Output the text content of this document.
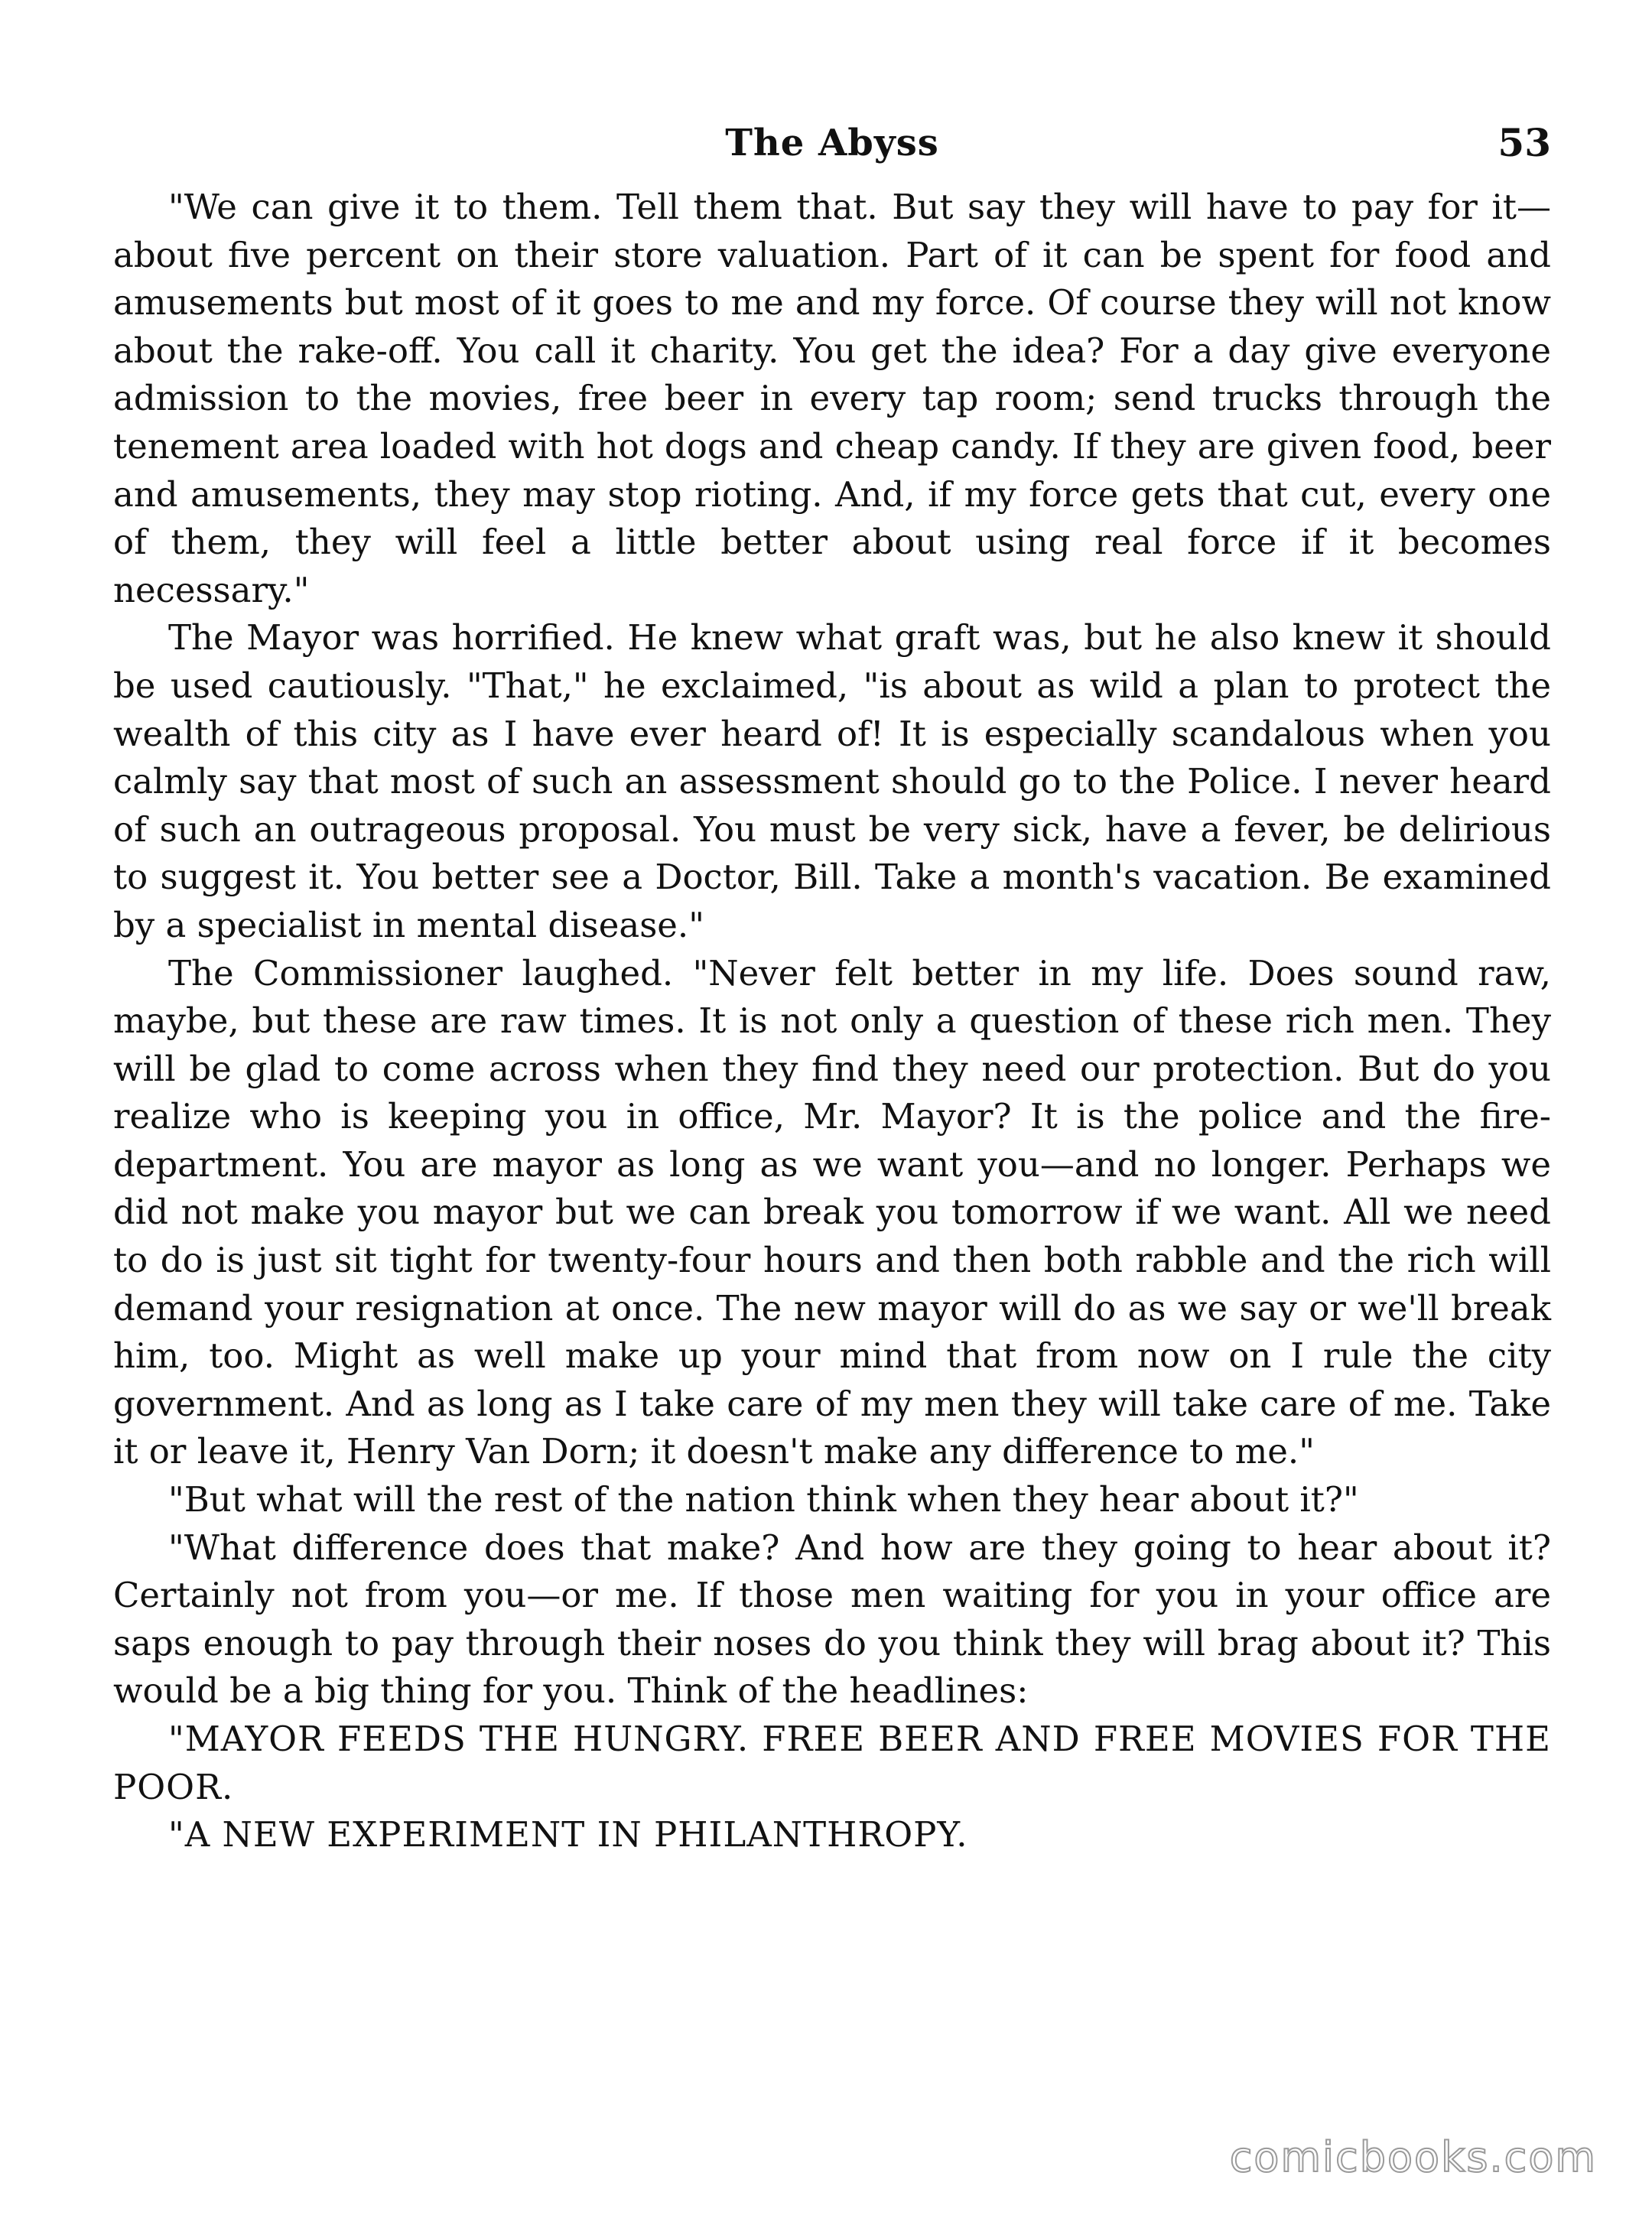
The Abyss	53

"We can give it to them. Tell them that. But say they will have to pay for it—about five percent on their store valuation. Part of it can be spent for food and amusements but most of it goes to me and my force. Of course they will not know about the rake-off. You call it charity. You get the idea? For a day give everyone admission to the movies, free beer in every tap room; send trucks through the tenement area loaded with hot dogs and cheap candy. If they are given food, beer and amusements, they may stop rioting. And, if my force gets that cut, every one of them, they will feel a little better about using real force if it becomes necessary."

The Mayor was horrified. He knew what graft was, but he also knew it should be used cautiously. "That," he exclaimed, "is about as wild a plan to protect the wealth of this city as I have ever heard of! It is especially scandalous when you calmly say that most of such an assessment should go to the Police. I never heard of such an outrageous proposal. You must be very sick, have a fever, be delirious to suggest it. You better see a Doctor, Bill. Take a month's vacation. Be examined by a specialist in mental disease."

The Commissioner laughed. "Never felt better in my life. Does sound raw, maybe, but these are raw times. It is not only a question of these rich men. They will be glad to come across when they find they need our protection. But do you realize who is keeping you in office, Mr. Mayor? It is the police and the fire-department. You are mayor as long as we want you—and no longer. Perhaps we did not make you mayor but we can break you tomorrow if we want. All we need to do is just sit tight for twenty-four hours and then both rabble and the rich will demand your resignation at once. The new mayor will do as we say or we'll break him, too. Might as well make up your mind that from now on I rule the city government. And as long as I take care of my men they will take care of me. Take it or leave it, Henry Van Dorn; it doesn't make any difference to me."

"But what will the rest of the nation think when they hear about it?"

"What difference does that make? And how are they going to hear about it? Certainly not from you—or me. If those men waiting for you in your office are saps enough to pay through their noses do you think they will brag about it? This would be a big thing for you. Think of the headlines:

"MAYOR FEEDS THE HUNGRY. FREE BEER AND FREE MOVIES FOR THE POOR.

"A NEW EXPERIMENT IN PHILANTHROPY.

comicbooks.com
